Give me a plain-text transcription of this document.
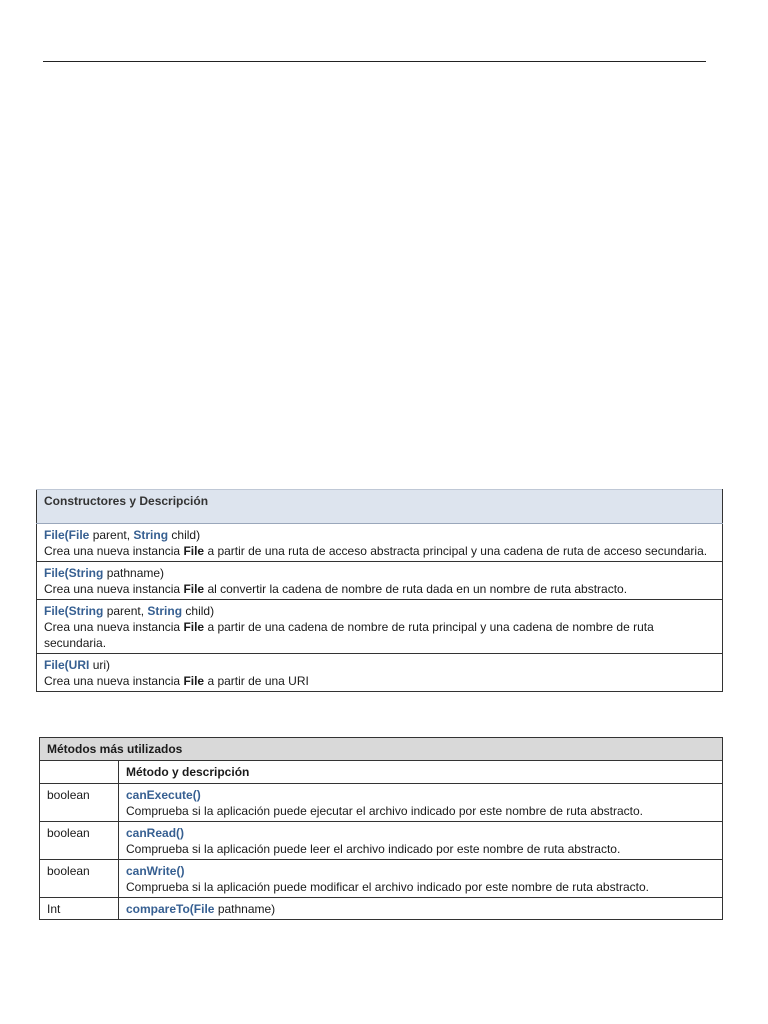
Constructores y Descripción

File(File parent, String child)
Crea una nueva instancia File a partir de una ruta de acceso abstracta principal y una cadena de ruta de acceso secundaria.

File(String pathname)
Crea una nueva instancia File al convertir la cadena de nombre de ruta dada en un nombre de ruta abstracto.

File(String parent, String child)
Crea una nueva instancia File a partir de una cadena de nombre de ruta principal y una cadena de nombre de ruta secundaria.

File(URI uri)
Crea una nueva instancia File a partir de una URI
Métodos más utilizados	
	Método y descripción
boolean	canExecute()
Comprueba si la aplicación puede ejecutar el archivo indicado por este nombre de ruta abstracto.

boolean	canRead()
Comprueba si la aplicación puede leer el archivo indicado por este nombre de ruta abstracto.

boolean	canWrite()
Comprueba si la aplicación puede modificar el archivo indicado por este nombre de ruta abstracto.

Int	compareTo(File pathname)
